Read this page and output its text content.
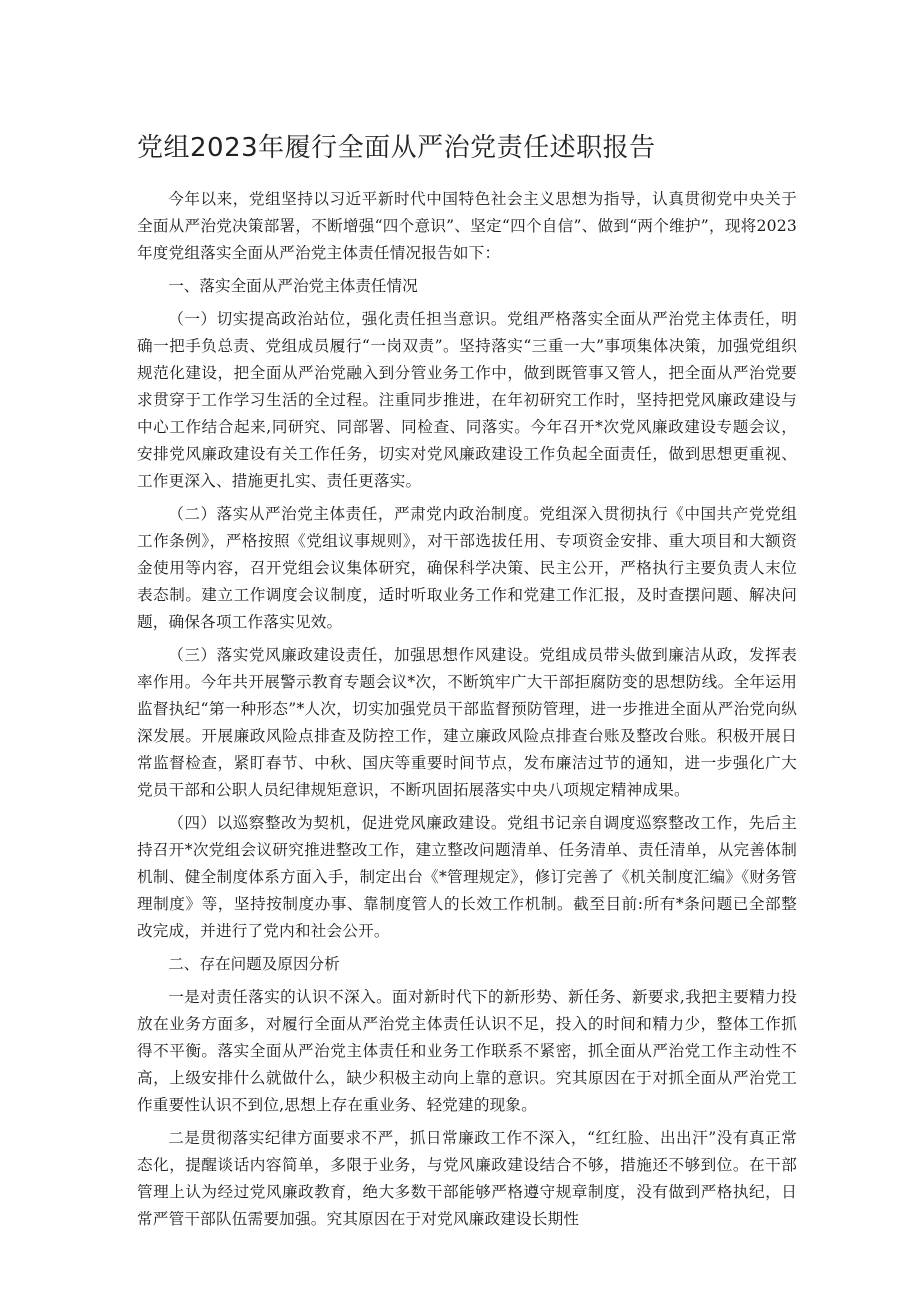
党组2023年履行全面从严治党责任述职报告

今年以来，党组坚持以习近平新时代中国特色社会主义思想为指导，认真贯彻党中央关于全面从严治党决策部署，不断增强“四个意识”、坚定“四个自信”、做到“两个维护”，现将2023年度党组落实全面从严治党主体责任情况报告如下：

一、落实全面从严治党主体责任情况

（一）切实提高政治站位，强化责任担当意识。党组严格落实全面从严治党主体责任，明确一把手负总责、党组成员履行“一岗双责”。坚持落实“三重一大”事项集体决策，加强党组织规范化建设，把全面从严治党融入到分管业务工作中，做到既管事又管人，把全面从严治党要求贯穿于工作学习生活的全过程。注重同步推进，在年初研究工作时，坚持把党风廉政建设与中心工作结合起来,同研究、同部署、同检查、同落实。今年召开*次党风廉政建设专题会议，安排党风廉政建设有关工作任务，切实对党风廉政建设工作负起全面责任，做到思想更重视、工作更深入、措施更扎实、责任更落实。

（二）落实从严治党主体责任，严肃党内政治制度。党组深入贯彻执行《中国共产党党组工作条例》，严格按照《党组议事规则》，对干部选拔任用、专项资金安排、重大项目和大额资金使用等内容，召开党组会议集体研究，确保科学决策、民主公开，严格执行主要负责人末位表态制。建立工作调度会议制度，适时听取业务工作和党建工作汇报，及时查摆问题、解决问题，确保各项工作落实见效。

（三）落实党风廉政建设责任，加强思想作风建设。党组成员带头做到廉洁从政，发挥表率作用。今年共开展警示教育专题会议*次，不断筑牢广大干部拒腐防变的思想防线。全年运用监督执纪“第一种形态”*人次，切实加强党员干部监督预防管理，进一步推进全面从严治党向纵深发展。开展廉政风险点排查及防控工作，建立廉政风险点排查台账及整改台账。积极开展日常监督检查，紧盯春节、中秋、国庆等重要时间节点，发布廉洁过节的通知，进一步强化广大党员干部和公职人员纪律规矩意识，不断巩固拓展落实中央八项规定精神成果。

（四）以巡察整改为契机，促进党风廉政建设。党组书记亲自调度巡察整改工作，先后主持召开*次党组会议研究推进整改工作，建立整改问题清单、任务清单、责任清单，从完善体制机制、健全制度体系方面入手，制定出台《*管理规定》，修订完善了《机关制度汇编》《财务管理制度》等，坚持按制度办事、靠制度管人的长效工作机制。截至目前:所有*条问题已全部整改完成，并进行了党内和社会公开。

二、存在问题及原因分析

一是对责任落实的认识不深入。面对新时代下的新形势、新任务、新要求,我把主要精力投放在业务方面多，对履行全面从严治党主体责任认识不足，投入的时间和精力少，整体工作抓得不平衡。落实全面从严治党主体责任和业务工作联系不紧密，抓全面从严治党工作主动性不高，上级安排什么就做什么，缺少积极主动向上靠的意识。究其原因在于对抓全面从严治党工作重要性认识不到位,思想上存在重业务、轻党建的现象。

二是贯彻落实纪律方面要求不严，抓日常廉政工作不深入，“红红脸、出出汗”没有真正常态化，提醒谈话内容简单，多限于业务，与党风廉政建设结合不够，措施还不够到位。在干部管理上认为经过党风廉政教育，绝大多数干部能够严格遵守规章制度，没有做到严格执纪，日常严管干部队伍需要加强。究其原因在于对党风廉政建设长期性
